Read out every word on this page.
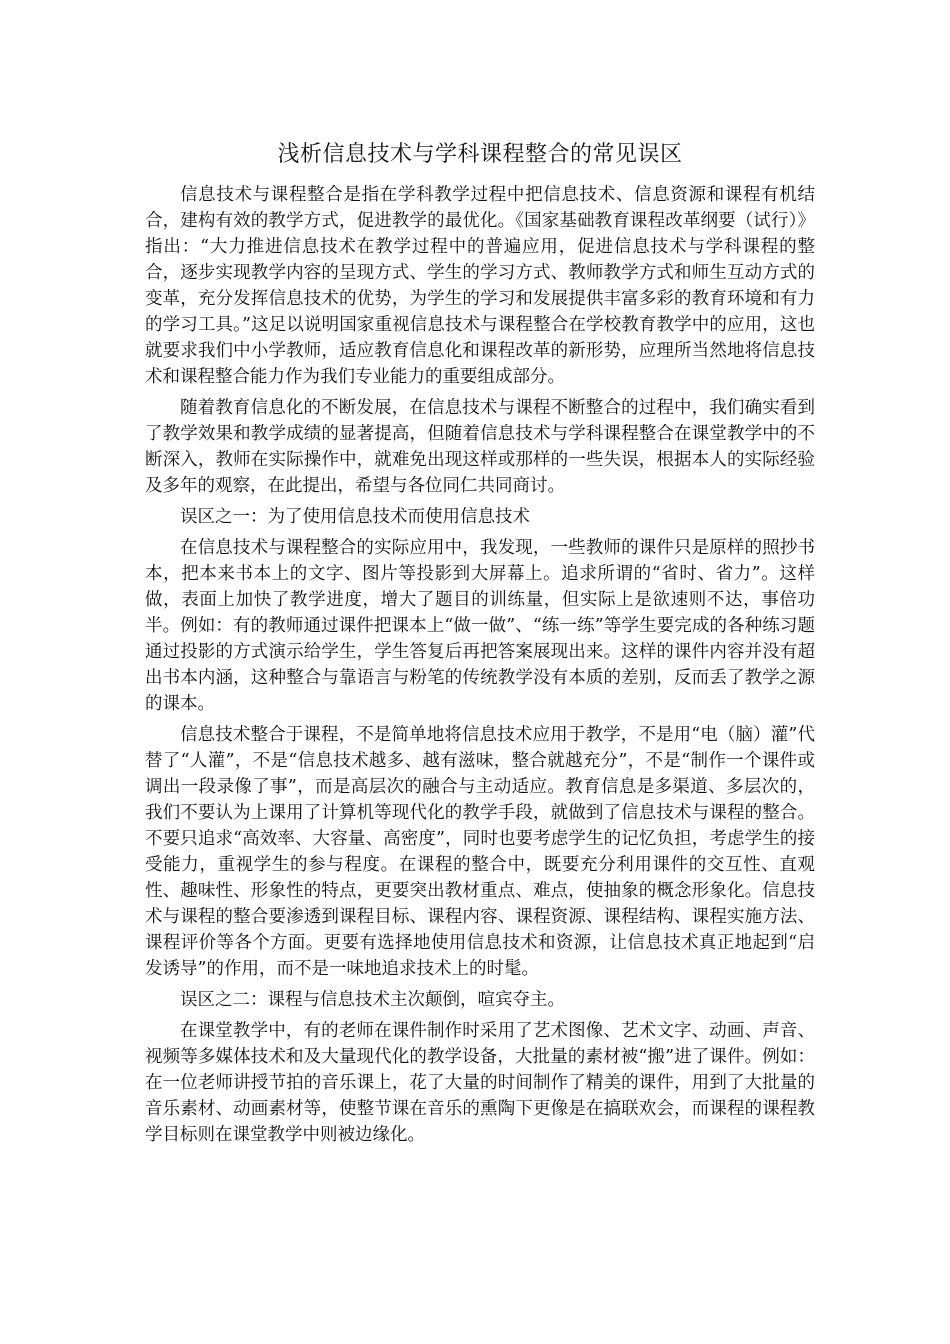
浅析信息技术与学科课程整合的常见误区

信息技术与课程整合是指在学科教学过程中把信息技术、信息资源和课程有机结合，建构有效的教学方式，促进教学的最优化。《国家基础教育课程改革纲要（试行）》指出：“大力推进信息技术在教学过程中的普遍应用，促进信息技术与学科课程的整合，逐步实现教学内容的呈现方式、学生的学习方式、教师教学方式和师生互动方式的变革，充分发挥信息技术的优势，为学生的学习和发展提供丰富多彩的教育环境和有力的学习工具。”这足以说明国家重视信息技术与课程整合在学校教育教学中的应用，这也就要求我们中小学教师，适应教育信息化和课程改革的新形势，应理所当然地将信息技术和课程整合能力作为我们专业能力的重要组成部分。

随着教育信息化的不断发展，在信息技术与课程不断整合的过程中，我们确实看到了教学效果和教学成绩的显著提高，但随着信息技术与学科课程整合在课堂教学中的不断深入，教师在实际操作中，就难免出现这样或那样的一些失误，根据本人的实际经验及多年的观察，在此提出，希望与各位同仁共同商讨。

误区之一：为了使用信息技术而使用信息技术

在信息技术与课程整合的实际应用中，我发现，一些教师的课件只是原样的照抄书本，把本来书本上的文字、图片等投影到大屏幕上。追求所谓的“省时、省力”。这样做，表面上加快了教学进度，增大了题目的训练量，但实际上是欲速则不达，事倍功半。例如：有的教师通过课件把课本上“做一做”、“练一练”等学生要完成的各种练习题通过投影的方式演示给学生，学生答复后再把答案展现出来。这样的课件内容并没有超出书本内涵，这种整合与靠语言与粉笔的传统教学没有本质的差别，反而丢了教学之源的课本。

信息技术整合于课程，不是简单地将信息技术应用于教学，不是用“电（脑）灌”代替了“人灌”，不是“信息技术越多、越有滋味，整合就越充分”，不是“制作一个课件或调出一段录像了事”，而是高层次的融合与主动适应。教育信息是多渠道、多层次的，我们不要认为上课用了计算机等现代化的教学手段，就做到了信息技术与课程的整合。不要只追求“高效率、大容量、高密度”，同时也要考虑学生的记忆负担，考虑学生的接受能力，重视学生的参与程度。在课程的整合中，既要充分利用课件的交互性、直观性、趣味性、形象性的特点，更要突出教材重点、难点，使抽象的概念形象化。信息技术与课程的整合要渗透到课程目标、课程内容、课程资源、课程结构、课程实施方法、课程评价等各个方面。更要有选择地使用信息技术和资源，让信息技术真正地起到“启发诱导”的作用，而不是一味地追求技术上的时髦。

误区之二：课程与信息技术主次颠倒，喧宾夺主。

在课堂教学中，有的老师在课件制作时采用了艺术图像、艺术文字、动画、声音、视频等多媒体技术和及大量现代化的教学设备，大批量的素材被“搬”进了课件。例如：在一位老师讲授节拍的音乐课上，花了大量的时间制作了精美的课件，用到了大批量的音乐素材、动画素材等，使整节课在音乐的熏陶下更像是在搞联欢会，而课程的课程教学目标则在课堂教学中则被边缘化。
